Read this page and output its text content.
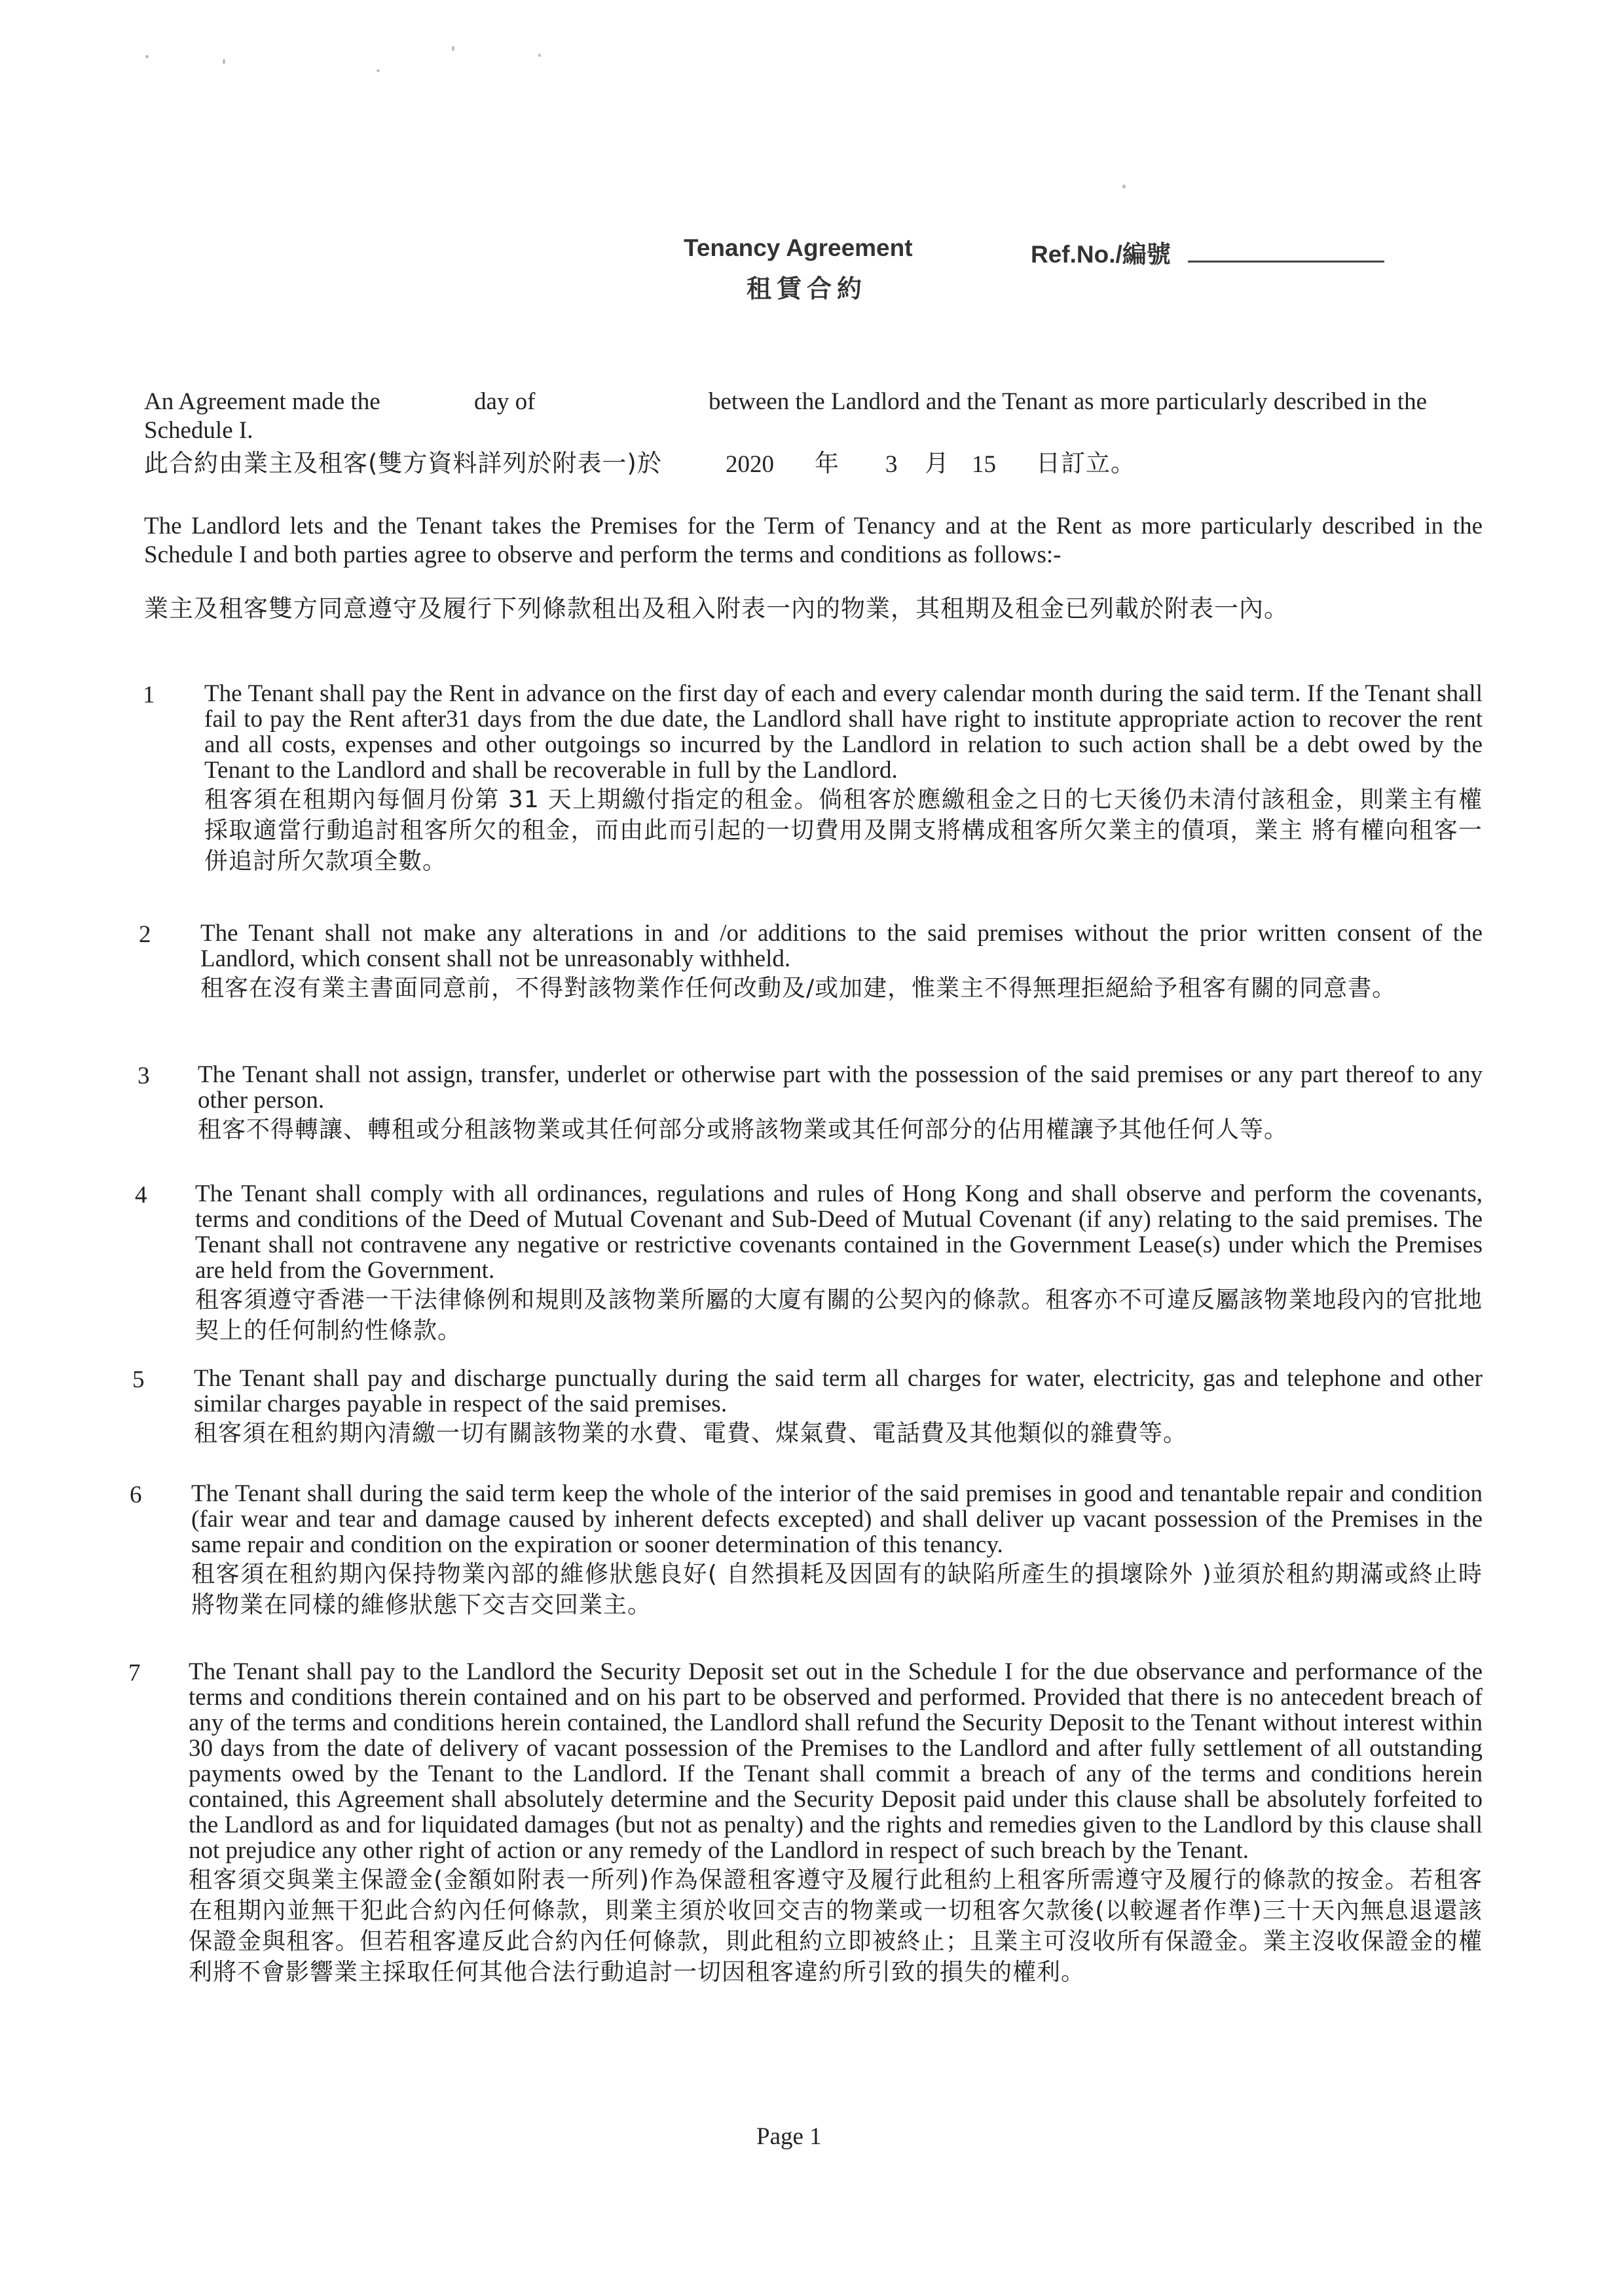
Tenancy Agreement
租賃合約
Ref.No./編號
An Agreement made the	day of	between the Landlord and the Tenant as more particularly described in the
Schedule I.
此合約由業主及租客(雙方資料詳列於附表一)於	2020 年 3 月 15 日訂立。
The Landlord lets and the Tenant takes the Premises for the Term of Tenancy and at the Rent as more particularly described in the Schedule I and both parties agree to observe and perform the terms and conditions as follows:-
業主及租客雙方同意遵守及履行下列條款租出及租入附表一內的物業，其租期及租金已列載於附表一內。
1 The Tenant shall pay the Rent in advance on the first day of each and every calendar month during the said term. If the Tenant shall fail to pay the Rent after31 days from the due date, the Landlord shall have right to institute appropriate action to recover the rent and all costs, expenses and other outgoings so incurred by the Landlord in relation to such action shall be a debt owed by the Tenant to the Landlord and shall be recoverable in full by the Landlord.
租客須在租期內每個月份第 31 天上期繳付指定的租金。倘租客於應繳租金之日的七天後仍未清付該租金，則業主有權採取適當行動追討租客所欠的租金，而由此而引起的一切費用及開支將構成租客所欠業主的債項，業主 將有權向租客一併追討所欠款項全數。
2 The Tenant shall not make any alterations in and /or additions to the said premises without the prior written consent of the Landlord, which consent shall not be unreasonably withheld.
租客在沒有業主書面同意前，不得對該物業作任何改動及/或加建，惟業主不得無理拒絕給予租客有關的同意書。
3 The Tenant shall not assign, transfer, underlet or otherwise part with the possession of the said premises or any part thereof to any other person.
租客不得轉讓、轉租或分租該物業或其任何部分或將該物業或其任何部分的佔用權讓予其他任何人等。
4 The Tenant shall comply with all ordinances, regulations and rules of Hong Kong and shall observe and perform the covenants, terms and conditions of the Deed of Mutual Covenant and Sub-Deed of Mutual Covenant (if any) relating to the said premises. The Tenant shall not contravene any negative or restrictive covenants contained in the Government Lease(s) under which the Premises are held from the Government.
租客須遵守香港一干法律條例和規則及該物業所屬的大廈有關的公契內的條款。租客亦不可違反屬該物業地段內的官批地契上的任何制約性條款。
5 The Tenant shall pay and discharge punctually during the said term all charges for water, electricity, gas and telephone and other similar charges payable in respect of the said premises.
租客須在租約期內清繳一切有關該物業的水費、電費、煤氣費、電話費及其他類似的雜費等。
6 The Tenant shall during the said term keep the whole of the interior of the said premises in good and tenantable repair and condition (fair wear and tear and damage caused by inherent defects excepted) and shall deliver up vacant possession of the Premises in the same repair and condition on the expiration or sooner determination of this tenancy.
租客須在租約期內保持物業內部的維修狀態良好( 自然損耗及因固有的缺陷所產生的損壞除外 )並須於租約期滿或終止時將物業在同樣的維修狀態下交吉交回業主。
7 The Tenant shall pay to the Landlord the Security Deposit set out in the Schedule I for the due observance and performance of the terms and conditions therein contained and on his part to be observed and performed. Provided that there is no antecedent breach of any of the terms and conditions herein contained, the Landlord shall refund the Security Deposit to the Tenant without interest within 30 days from the date of delivery of vacant possession of the Premises to the Landlord and after fully settlement of all outstanding payments owed by the Tenant to the Landlord. If the Tenant shall commit a breach of any of the terms and conditions herein contained, this Agreement shall absolutely determine and the Security Deposit paid under this clause shall be absolutely forfeited to the Landlord as and for liquidated damages (but not as penalty) and the rights and remedies given to the Landlord by this clause shall not prejudice any other right of action or any remedy of the Landlord in respect of such breach by the Tenant.
租客須交與業主保證金(金額如附表一所列)作為保證租客遵守及履行此租約上租客所需遵守及履行的條款的按金。若租客在租期內並無干犯此合約內任何條款，則業主須於收回交吉的物業或一切租客欠款後(以較遲者作準)三十天內無息退還該保證金與租客。但若租客違反此合約內任何條款，則此租約立即被終止；且業主可沒收所有保證金。業主沒收保證金的權利將不會影響業主採取任何其他合法行動追討一切因租客違約所引致的損失的權利。
Page 1
